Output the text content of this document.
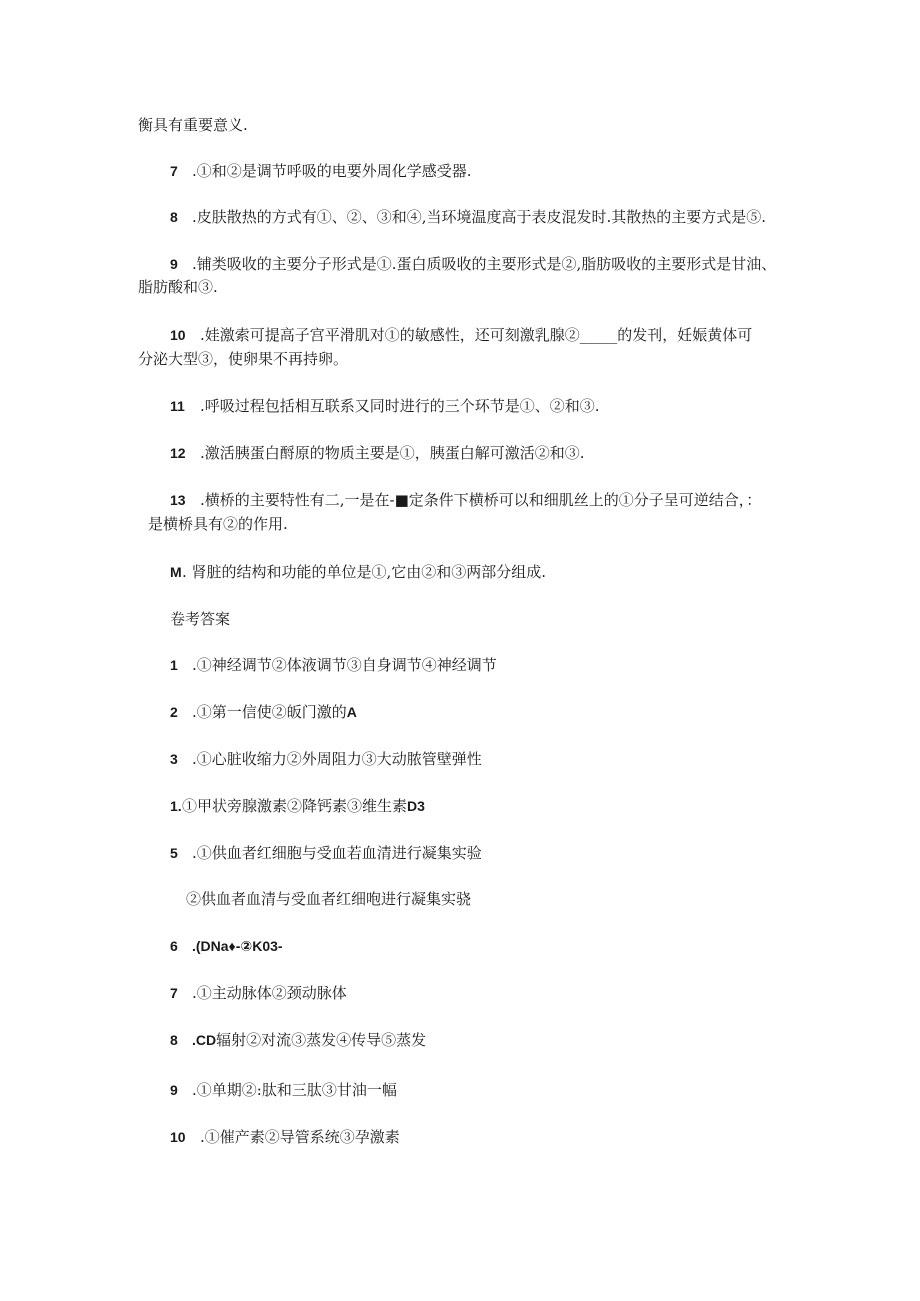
衡具有重要意义.
7 .①和②是调节呼吸的电要外周化学感受器.
8 .皮肤散热的方式有①、②、③和④,当环境温度高于表皮混发时.其散热的主要方式是⑤.
9 .铺类吸收的主要分子形式是①.蛋白质吸收的主要形式是②,脂肪吸收的主要形式是甘油、
脂肪酸和③.
10 .娃激索可提高子宫平滑肌对①的敏感性，还可刻激乳腺②_____的发刊，妊娠黄体可
分泌大型③，使卵果不再持卵。
11 .呼吸过程包括相互联系又同时进行的三个环节是①、②和③.
12 .激活胰蛋白酹原的物质主要是①，胰蛋白解可激活②和③.
13 .横桥的主要特性有二,一是在-■定条件下横桥可以和细肌丝上的①分子呈可逆结合，：
是横桥具有②的作用.
M. 肾脏的结构和功能的单位是①,它由②和③两部分组成.
卷考答案
1 .①神经调节②体液调节③自身调节④神经调节
2 .①第一信使②皈门激的A
3 .①心脏收缩力②外周阻力③大动脓管壁弹性
1.①甲状旁腺激素②降钙素③维生素D3
5 .①供血者红细胞与受血若血清进行凝集实验
②供血者血清与受血者红细咆进行凝集实骁
6 .(DNa♦-②K03-
7 .①主动脉体②颈动脉体
8 .CD辐射②对流③蒸发④传导⑤蒸发
9 .①单期②:肽和三肽③甘油一幅
10 .①催产素②导管系统③孕激素
